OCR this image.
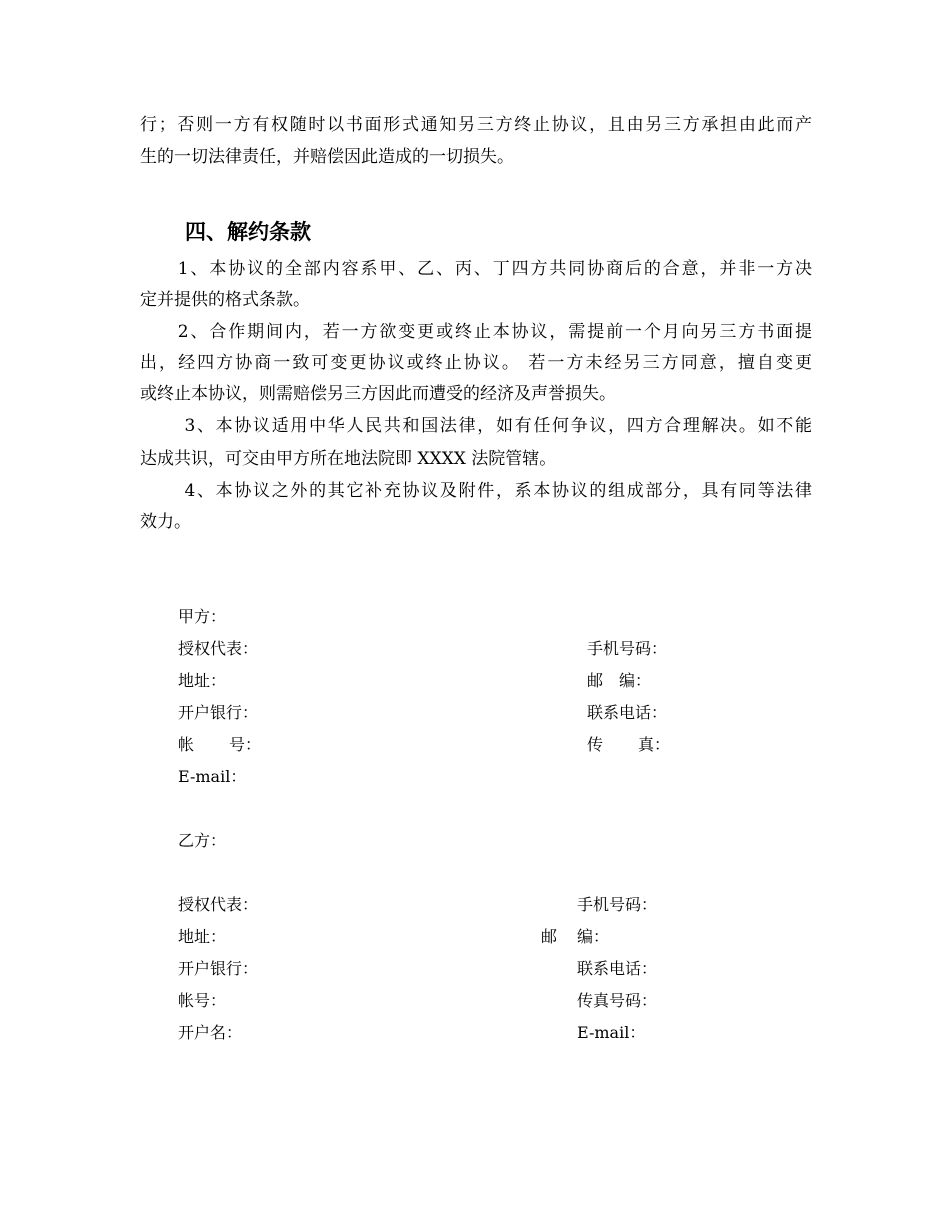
行；否则一方有权随时以书面形式通知另三方终止协议，且由另三方承担由此而产
生的一切法律责任，并赔偿因此造成的一切损失。
四、解约条款
　　1、本协议的全部内容系甲、乙、丙、丁四方共同协商后的合意，并非一方决
定并提供的格式条款。
　　2、合作期间内，若一方欲变更或终止本协议，需提前一个月向另三方书面提
出，经四方协商一致可变更协议或终止协议。 若一方未经另三方同意，擅自变更
或终止本协议，则需赔偿另三方因此而遭受的经济及声誉损失。
　　 3、本协议适用中华人民共和国法律，如有任何争议，四方合理解决。如不能
达成共识，可交由甲方所在地法院即 XXXX 法院管辖。
　　 4、本协议之外的其它补充协议及附件，系本协议的组成部分，具有同等法律
效力。
甲方：
授权代表：	手机号码：
地址：	邮 编：
开户银行：	联系电话：
帐 号：	传 真：
E-mail：
乙方：
授权代表：	手机号码：
地址：	邮 编：
开户银行：	联系电话：
帐号：	传真号码：
开户名：	E-mail：
